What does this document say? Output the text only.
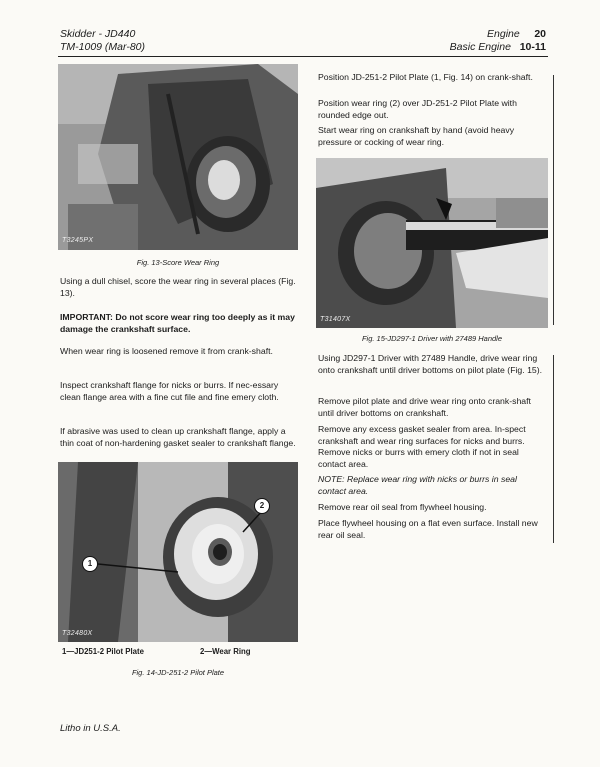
Skidder - JD440
TM-1009 (Mar-80)
Engine 20
Basic Engine 10-11
T3245PX
Fig. 13-Score Wear Ring
Using a dull chisel, score the wear ring in several places (Fig. 13).
IMPORTANT: Do not score wear ring too deeply as it may damage the crankshaft surface.
When wear ring is loosened remove it from crank-shaft.
Inspect crankshaft flange for nicks or burrs. If nec-essary clean flange area with a fine cut file and fine emery cloth.
If abrasive was used to clean up crankshaft flange, apply a thin coat of non-hardening gasket sealer to crankshaft flange.
1
2
T32480X
1—JD251-2 Pilot Plate	2—Wear Ring
Fig. 14-JD-251-2 Pilot Plate
Position JD-251-2 Pilot Plate (1, Fig. 14) on crank-shaft.
Position wear ring (2) over JD-251-2 Pilot Plate with rounded edge out.
Start wear ring on crankshaft by hand (avoid heavy pressure or cocking of wear ring.
T31407X
Fig. 15-JD297-1 Driver with 27489 Handle
Using JD297-1 Driver with 27489 Handle, drive wear ring onto crankshaft until driver bottoms on pilot plate (Fig. 15).
Remove pilot plate and drive wear ring onto crank-shaft until driver bottoms on crankshaft.
Remove any excess gasket sealer from area. In-spect crankshaft and wear ring surfaces for nicks and burrs. Remove nicks or burrs with emery cloth if not in seal contact area.
NOTE: Replace wear ring with nicks or burrs in seal contact area.
Remove rear oil seal from flywheel housing.
Place flywheel housing on a flat even surface. Install new rear oil seal.
Litho in U.S.A.
